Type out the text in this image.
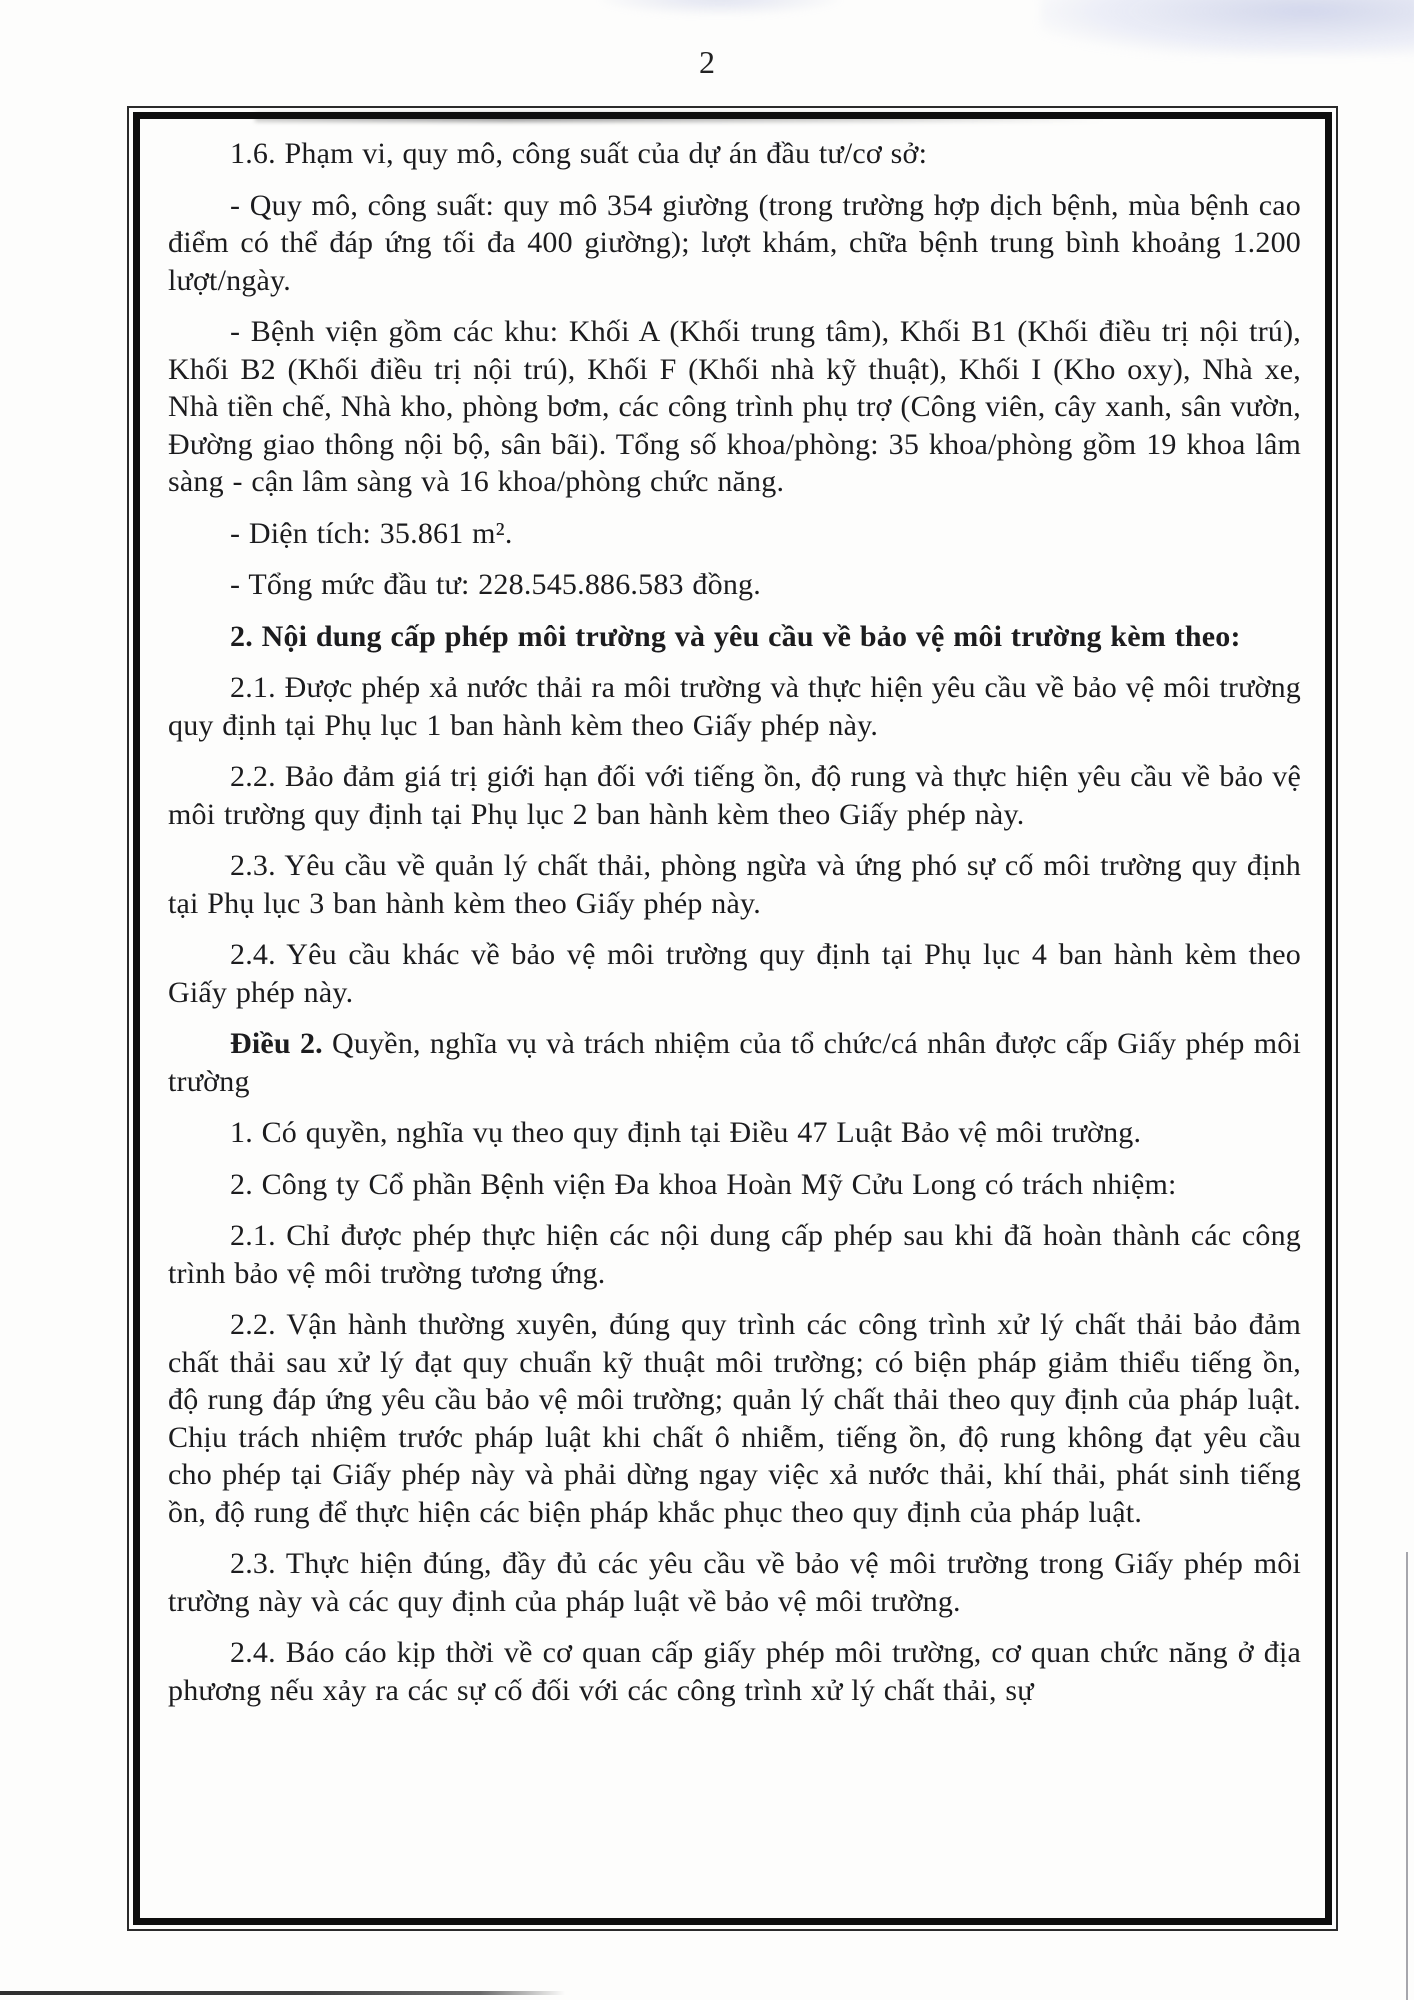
2

1.6. Phạm vi, quy mô, công suất của dự án đầu tư/cơ sở:

- Quy mô, công suất: quy mô 354 giường (trong trường hợp dịch bệnh, mùa bệnh cao điểm có thể đáp ứng tối đa 400 giường); lượt khám, chữa bệnh trung bình khoảng 1.200 lượt/ngày.

- Bệnh viện gồm các khu: Khối A (Khối trung tâm), Khối B1 (Khối điều trị nội trú), Khối B2 (Khối điều trị nội trú), Khối F (Khối nhà kỹ thuật), Khối I (Kho oxy), Nhà xe, Nhà tiền chế, Nhà kho, phòng bơm, các công trình phụ trợ (Công viên, cây xanh, sân vườn, Đường giao thông nội bộ, sân bãi). Tổng số khoa/phòng: 35 khoa/phòng gồm 19 khoa lâm sàng - cận lâm sàng và 16 khoa/phòng chức năng.

- Diện tích: 35.861 m².

- Tổng mức đầu tư: 228.545.886.583 đồng.

2. Nội dung cấp phép môi trường và yêu cầu về bảo vệ môi trường kèm theo:

2.1. Được phép xả nước thải ra môi trường và thực hiện yêu cầu về bảo vệ môi trường quy định tại Phụ lục 1 ban hành kèm theo Giấy phép này.

2.2. Bảo đảm giá trị giới hạn đối với tiếng ồn, độ rung và thực hiện yêu cầu về bảo vệ môi trường quy định tại Phụ lục 2 ban hành kèm theo Giấy phép này.

2.3. Yêu cầu về quản lý chất thải, phòng ngừa và ứng phó sự cố môi trường quy định tại Phụ lục 3 ban hành kèm theo Giấy phép này.

2.4. Yêu cầu khác về bảo vệ môi trường quy định tại Phụ lục 4 ban hành kèm theo Giấy phép này.

Điều 2. Quyền, nghĩa vụ và trách nhiệm của tổ chức/cá nhân được cấp Giấy phép môi trường

1. Có quyền, nghĩa vụ theo quy định tại Điều 47 Luật Bảo vệ môi trường.

2. Công ty Cổ phần Bệnh viện Đa khoa Hoàn Mỹ Cửu Long có trách nhiệm:

2.1. Chỉ được phép thực hiện các nội dung cấp phép sau khi đã hoàn thành các công trình bảo vệ môi trường tương ứng.

2.2. Vận hành thường xuyên, đúng quy trình các công trình xử lý chất thải bảo đảm chất thải sau xử lý đạt quy chuẩn kỹ thuật môi trường; có biện pháp giảm thiểu tiếng ồn, độ rung đáp ứng yêu cầu bảo vệ môi trường; quản lý chất thải theo quy định của pháp luật. Chịu trách nhiệm trước pháp luật khi chất ô nhiễm, tiếng ồn, độ rung không đạt yêu cầu cho phép tại Giấy phép này và phải dừng ngay việc xả nước thải, khí thải, phát sinh tiếng ồn, độ rung để thực hiện các biện pháp khắc phục theo quy định của pháp luật.

2.3. Thực hiện đúng, đầy đủ các yêu cầu về bảo vệ môi trường trong Giấy phép môi trường này và các quy định của pháp luật về bảo vệ môi trường.

2.4. Báo cáo kịp thời về cơ quan cấp giấy phép môi trường, cơ quan chức năng ở địa phương nếu xảy ra các sự cố đối với các công trình xử lý chất thải, sự
